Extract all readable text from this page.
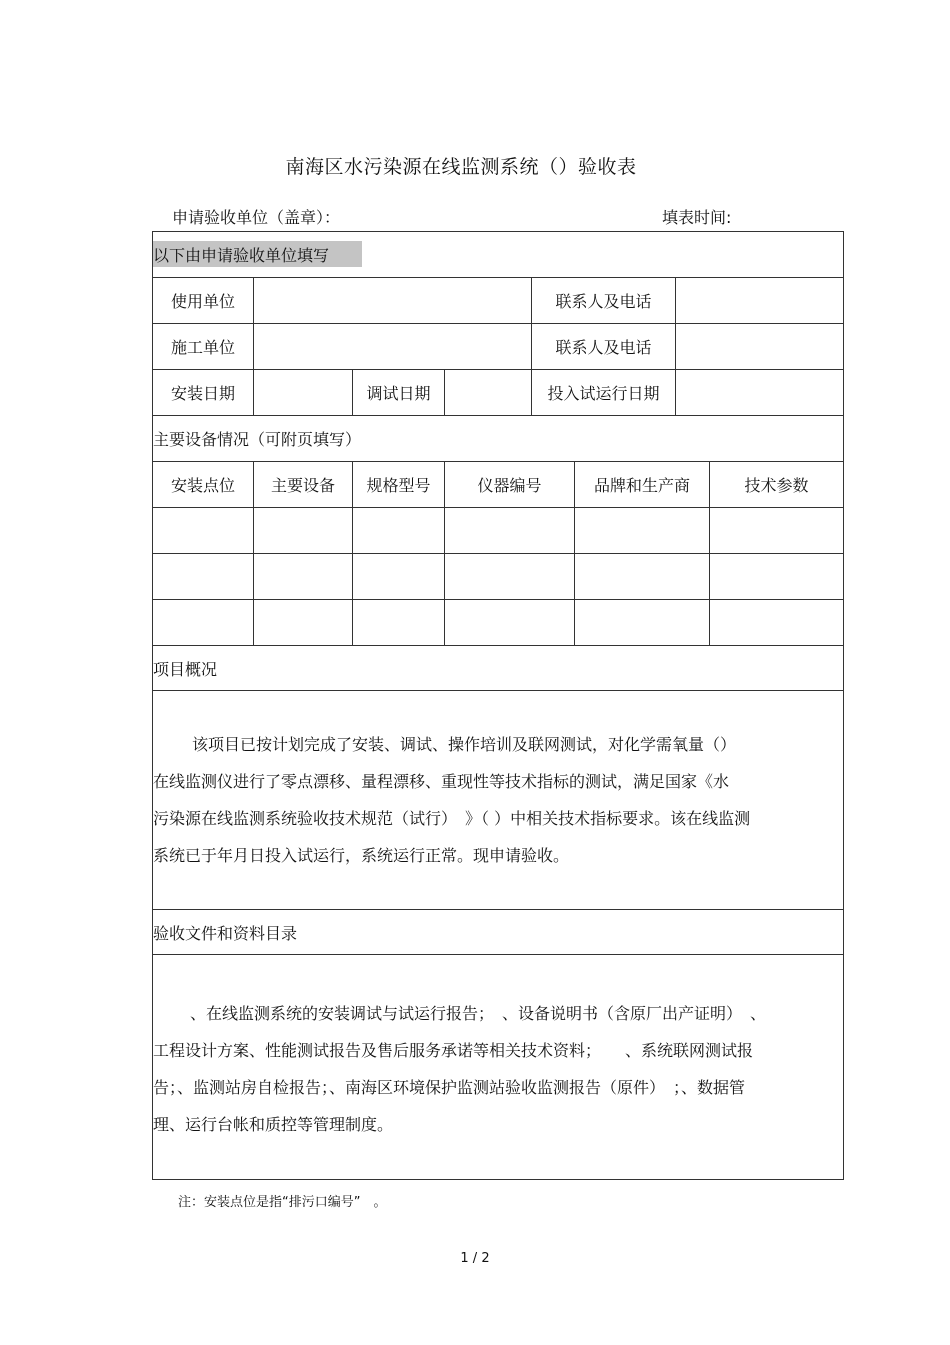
南海区水污染源在线监测系统（）验收表
申请验收单位（盖章）：	填表时间:
以下由申请验收单位填写
使用单位	联系人及电话
施工单位	联系人及电话
安装日期	调试日期	投入试运行日期
主要设备情况（可附页填写）
安装点位	主要设备	规格型号	仪器编号	品牌和生产商	技术参数
项目概况

该项目已按计划完成了安装、调试、操作培训及联网测试，对化学需氧量（）

在线监测仪进行了零点漂移、量程漂移、重现性等技术指标的测试，满足国家《水

污染源在线监测系统验收技术规范（试行）　》（ ）中相关技术指标要求。该在线监测

系统已于年月日投入试运行，系统运行正常。现申请验收。

验收文件和资料目录

、在线监测系统的安装调试与试运行报告；　、设备说明书（含原厂出产证明）　、

工程设计方案、性能测试报告及售后服务承诺等相关技术资料；　　、系统联网测试报

告；、监测站房自检报告；、南海区环境保护监测站验收监测报告（原件）　；、数据管

理、运行台帐和质控等管理制度。

注：安装点位是指“排污口编号”　。
1 / 2
